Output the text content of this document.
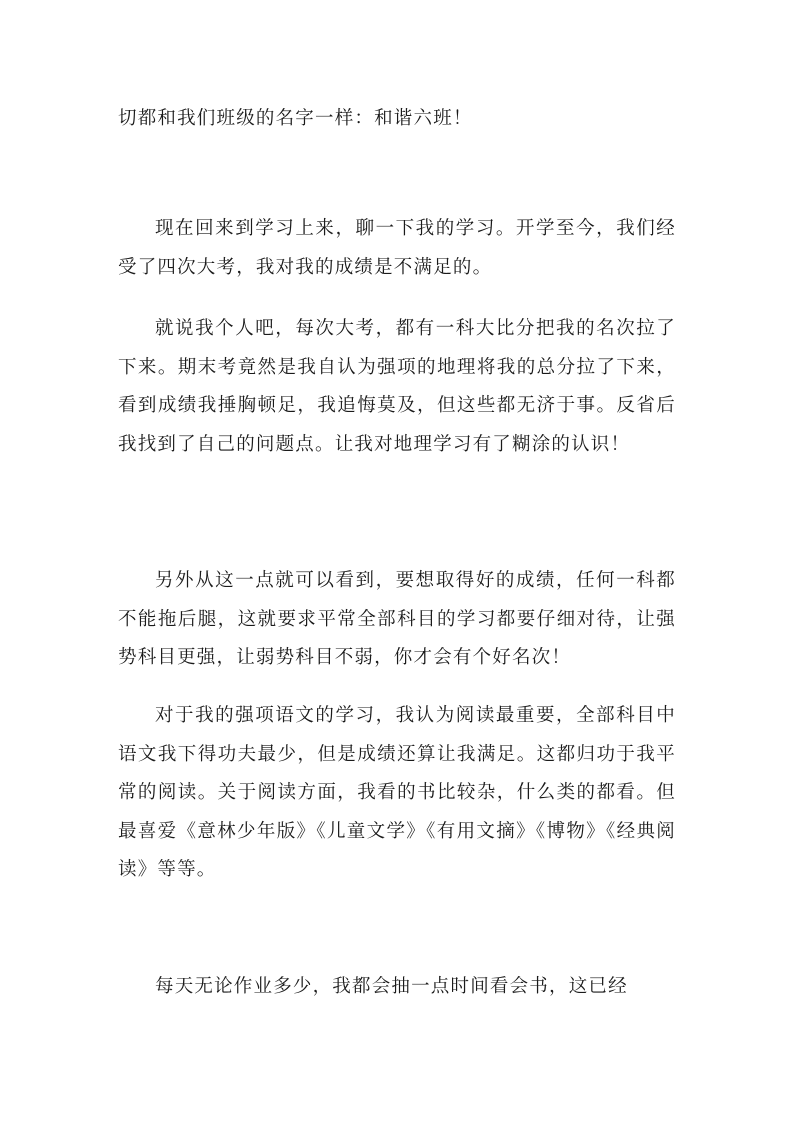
切都和我们班级的名字一样：和谐六班！

现在回来到学习上来，聊一下我的学习。开学至今，我们经受了四次大考，我对我的成绩是不满足的。

就说我个人吧，每次大考，都有一科大比分把我的名次拉了下来。期末考竟然是我自认为强项的地理将我的总分拉了下来，看到成绩我捶胸顿足，我追悔莫及，但这些都无济于事。反省后我找到了自己的问题点。让我对地理学习有了糊涂的认识！

另外从这一点就可以看到，要想取得好的成绩，任何一科都不能拖后腿，这就要求平常全部科目的学习都要仔细对待，让强势科目更强，让弱势科目不弱，你才会有个好名次！

对于我的强项语文的学习，我认为阅读最重要，全部科目中语文我下得功夫最少，但是成绩还算让我满足。这都归功于我平常的阅读。关于阅读方面，我看的书比较杂，什么类的都看。但最喜爱《意林少年版》《儿童文学》《有用文摘》《博物》《经典阅读》等等。

每天无论作业多少，我都会抽一点时间看会书，这已经
